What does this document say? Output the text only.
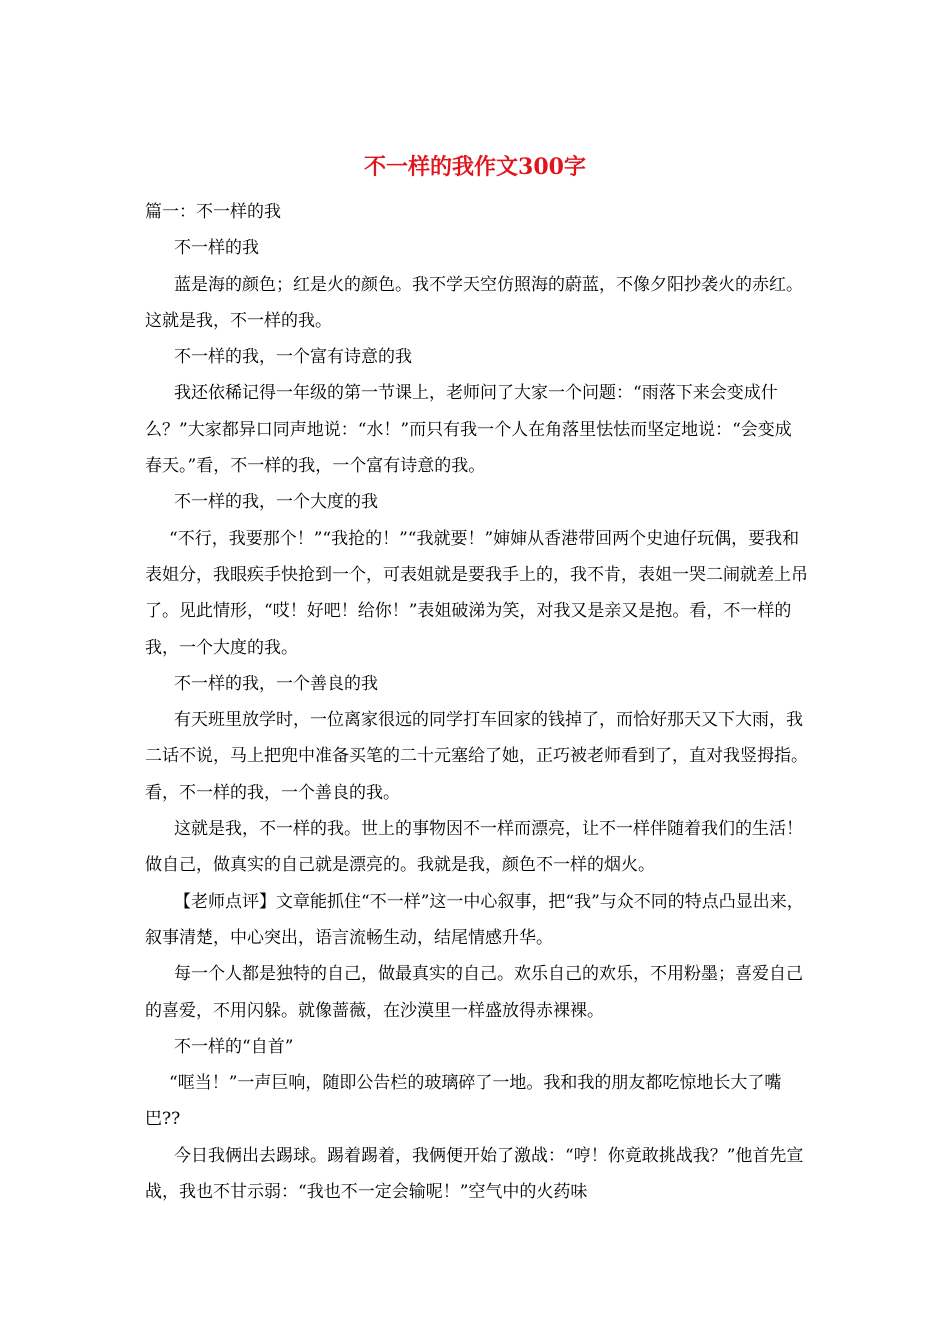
不一样的我作文300字

篇一：不一样的我

不一样的我

蓝是海的颜色；红是火的颜色。我不学天空仿照海的蔚蓝，不像夕阳抄袭火的赤红。这就是我，不一样的我。

不一样的我，一个富有诗意的我

我还依稀记得一年级的第一节课上，老师问了大家一个问题：“雨落下来会变成什么？”大家都异口同声地说：“水！”而只有我一个人在角落里怯怯而坚定地说：“会变成春天。”看，不一样的我，一个富有诗意的我。

不一样的我，一个大度的我

“不行，我要那个！”“我抢的！”“我就要！”婶婶从香港带回两个史迪仔玩偶，要我和表姐分，我眼疾手快抢到一个，可表姐就是要我手上的，我不肯，表姐一哭二闹就差上吊了。见此情形，“哎！好吧！给你！”表姐破涕为笑，对我又是亲又是抱。看，不一样的我，一个大度的我。

不一样的我，一个善良的我

有天班里放学时，一位离家很远的同学打车回家的钱掉了，而恰好那天又下大雨，我二话不说，马上把兜中准备买笔的二十元塞给了她，正巧被老师看到了，直对我竖拇指。看，不一样的我，一个善良的我。

这就是我，不一样的我。世上的事物因不一样而漂亮，让不一样伴随着我们的生活！做自己，做真实的自己就是漂亮的。我就是我，颜色不一样的烟火。

【老师点评】文章能抓住“不一样”这一中心叙事，把“我”与众不同的特点凸显出来，叙事清楚，中心突出，语言流畅生动，结尾情感升华。

每一个人都是独特的自己，做最真实的自己。欢乐自己的欢乐，不用粉墨；喜爱自己的喜爱，不用闪躲。就像蔷薇，在沙漠里一样盛放得赤裸裸。

不一样的“自首”

“哐当！”一声巨响，随即公告栏的玻璃碎了一地。我和我的朋友都吃惊地长大了嘴巴??

今日我俩出去踢球。踢着踢着，我俩便开始了激战：“哼！你竟敢挑战我？”他首先宣战，我也不甘示弱：“我也不一定会输呢！”空气中的火药味
